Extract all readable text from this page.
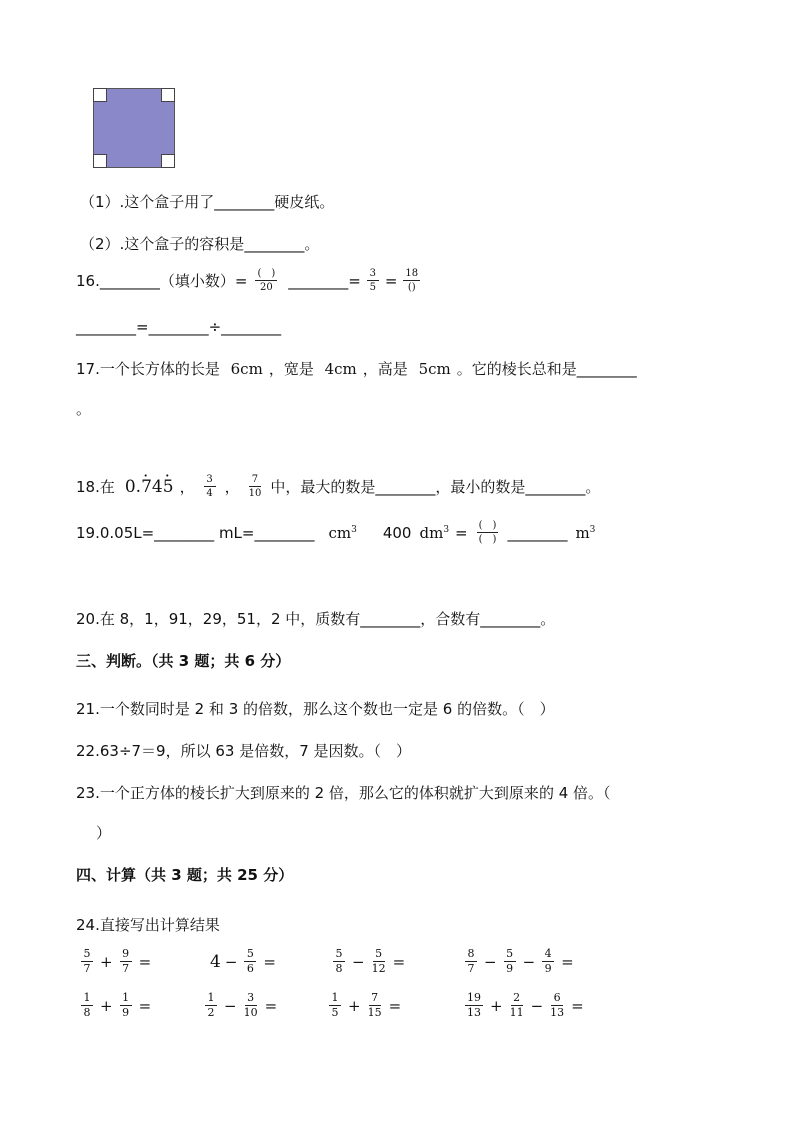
（1）.这个盒子用了________硬皮纸。
（2）.这个盒子的容积是________。
16.________（填小数）= $\frac{( )}{20}$ ________= $\frac{3}{5} = \frac{18}{()}$
________=________÷________
17.一个长方体的长是 6cm ，宽是 4cm ，高是 5cm 。它的棱长总和是________
。
18.在 0.· 74· 5 ， $\frac{3}{4}$ ， $\frac{7}{10}$ 中，最大的数是________，最小的数是________。
19.0.05L=________ mL=________ $cm^3$ 400 $dm^3 = \frac{( )}{( )}$ ________ $m^3$
20.在 8，1，91，29，51，2 中，质数有________，合数有________。
三、判断。（共 3 题；共 6 分）
21.一个数同时是 2 和 3 的倍数，那么这个数也一定是 6 的倍数。（　）
22.63÷7＝9，所以 63 是倍数，7 是因数。（　）
23.一个正方体的棱长扩大到原来的 2 倍，那么它的体积就扩大到原来的 4 倍。（
）
四、计算（共 3 题；共 25 分）
24.直接写出计算结果
$\frac{5}{7} + \frac{9}{7}$ =	$4 - \frac{5}{6}$ =	$\frac{5}{8} - \frac{5}{12}$ =	$\frac{8}{7} - \frac{5}{9} - \frac{4}{9}$ =
$\frac{1}{8} + \frac{1}{9}$ =	$\frac{1}{2} - \frac{3}{10}$ =	$\frac{1}{5} + \frac{7}{15}$ =	$\frac{19}{13} + \frac{2}{11} - \frac{6}{13}$ =
